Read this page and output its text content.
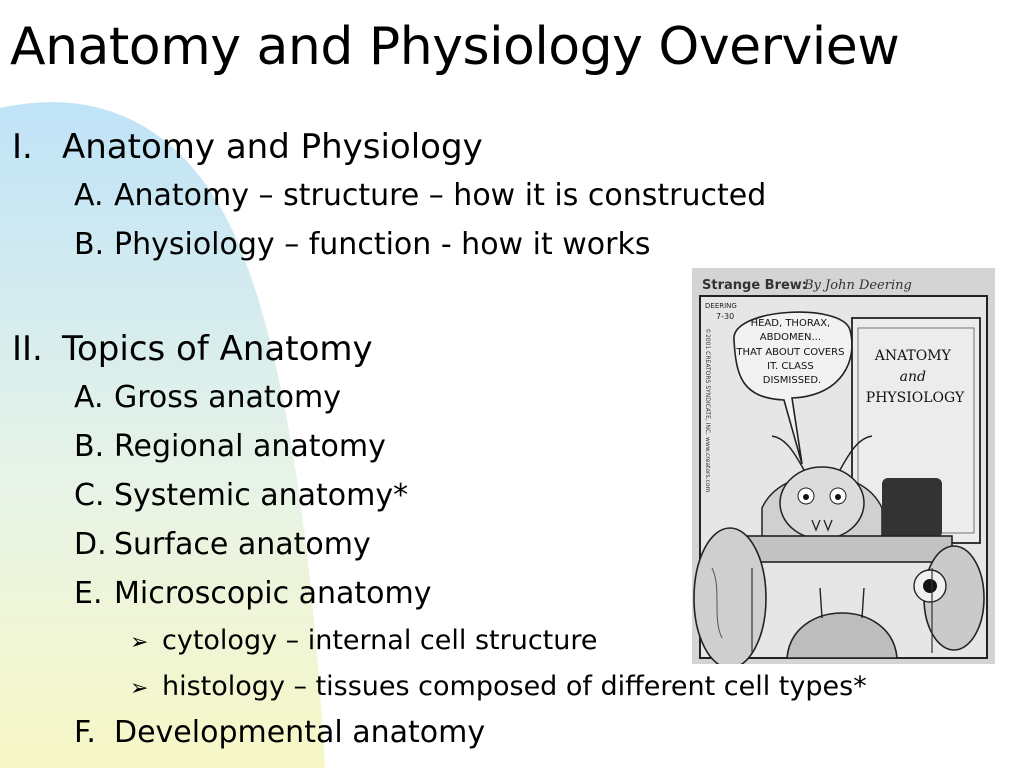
Anatomy and Physiology Overview
I. Anatomy and Physiology
A. Anatomy – structure – how it is constructed
B. Physiology – function - how it works
II. Topics of Anatomy
A. Gross anatomy
B. Regional anatomy
C. Systemic anatomy*
D. Surface anatomy
E. Microscopic anatomy
➢ cytology – internal cell structure
➢ histology – tissues composed of different cell types*
F. Developmental anatomy
Strange Brew:
By John Deering
DEERING
7-30
©2001 CREATORS SYNDICATE, INC. www.creators.com
HEAD, THORAX, ABDOMEN... THAT ABOUT COVERS IT. CLASS DISMISSED.
ANATOMY and PHYSIOLOGY
